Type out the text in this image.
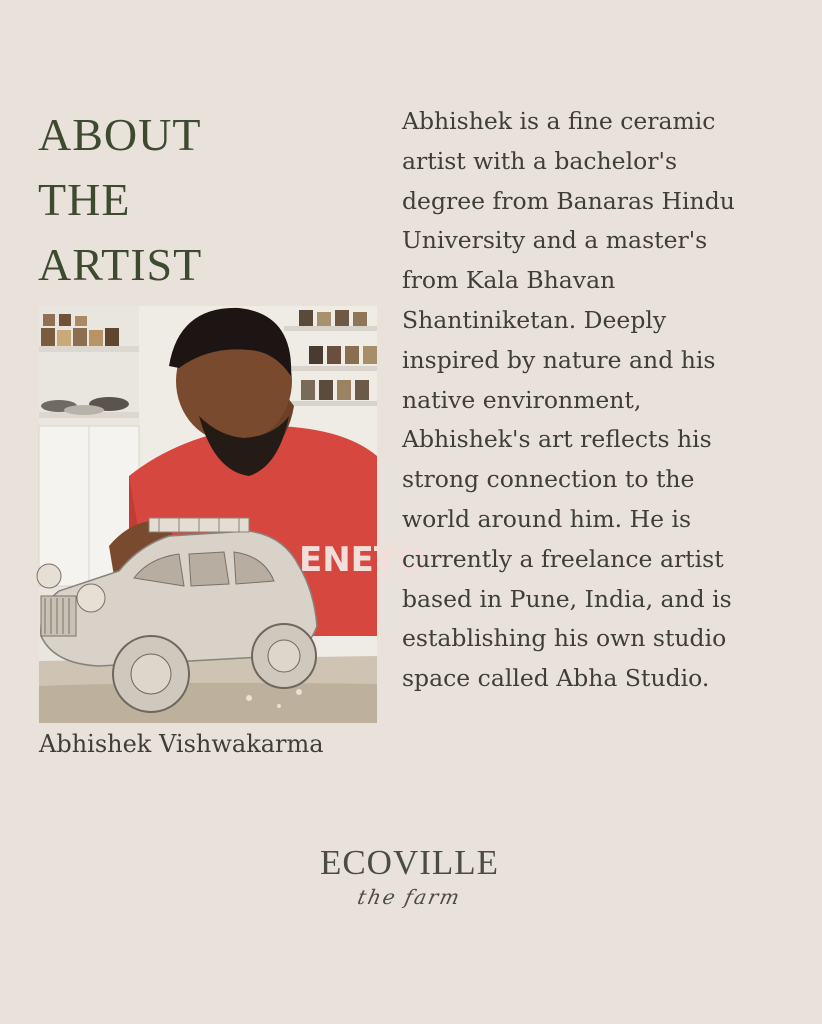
ABOUT
THE
ARTIST
ENETO
Abhishek Vishwakarma
Abhishek is a fine ceramic
artist with a bachelor's
degree from Banaras Hindu
University and a master's
from Kala Bhavan
Shantiniketan. Deeply
inspired by nature and his
native environment,
Abhishek's art reflects his
strong connection to the
world around him. He is
currently a freelance artist
based in Pune, India, and is
establishing his own studio
space called Abha Studio.
ECOVILLE
the farm
